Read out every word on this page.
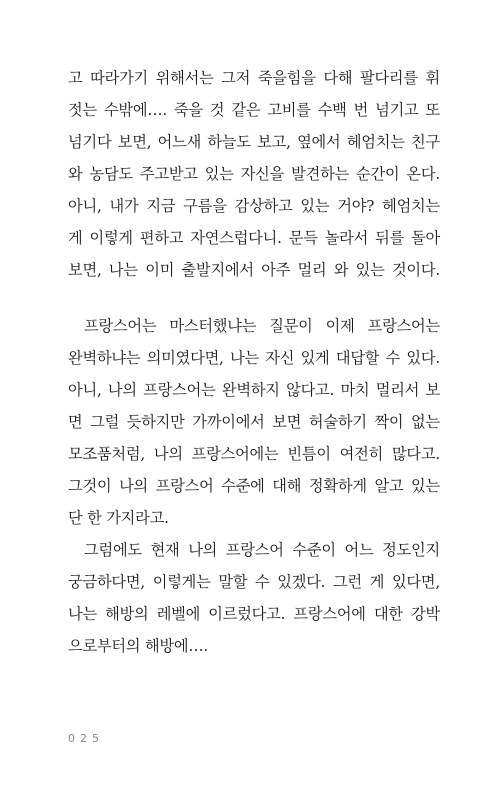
고 따라가기 위해서는 그저 죽을힘을 다해 팔다리를 휘
젓는 수밖에…. 죽을 것 같은 고비를 수백 번 넘기고 또
넘기다 보면, 어느새 하늘도 보고, 옆에서 헤엄치는 친구
와 농담도 주고받고 있는 자신을 발견하는 순간이 온다.
아니, 내가 지금 구름을 감상하고 있는 거야? 헤엄치는
게 이렇게 편하고 자연스럽다니. 문득 놀라서 뒤를 돌아
보면, 나는 이미 출발지에서 아주 멀리 와 있는 것이다.
프랑스어는 마스터했냐는 질문이 이제 프랑스어는
완벽하냐는 의미였다면, 나는 자신 있게 대답할 수 있다.
아니, 나의 프랑스어는 완벽하지 않다고. 마치 멀리서 보
면 그럴 듯하지만 가까이에서 보면 허술하기 짝이 없는
모조품처럼, 나의 프랑스어에는 빈틈이 여전히 많다고.
그것이 나의 프랑스어 수준에 대해 정확하게 알고 있는
단 한 가지라고.
그럼에도 현재 나의 프랑스어 수준이 어느 정도인지
궁금하다면, 이렇게는 말할 수 있겠다. 그런 게 있다면,
나는 해방의 레벨에 이르렀다고. 프랑스어에 대한 강박
으로부터의 해방에….
025
